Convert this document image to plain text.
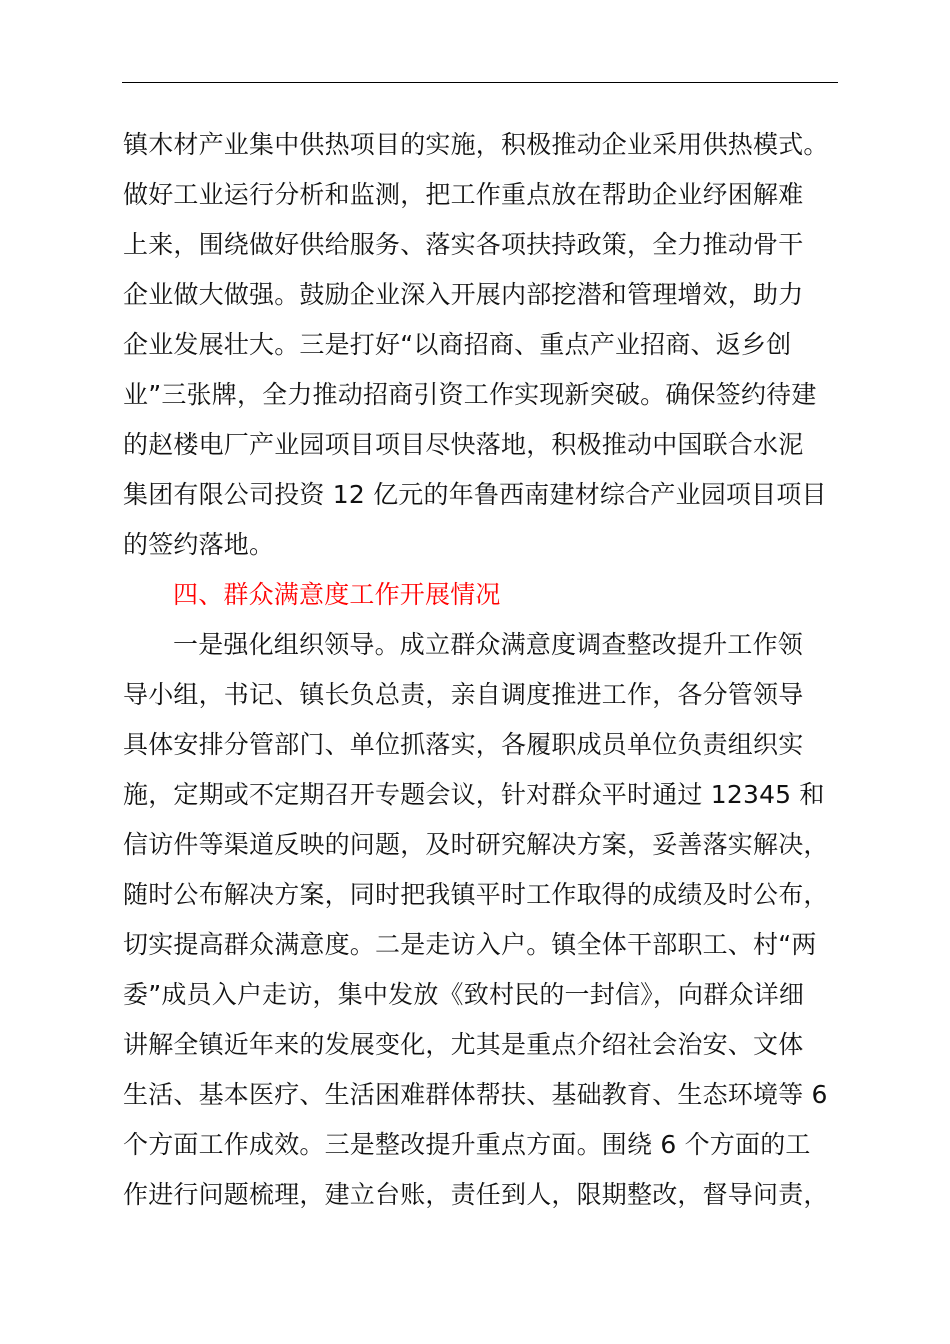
镇木材产业集中供热项目的实施，积极推动企业采用供热模式。
做好工业运行分析和监测，把工作重点放在帮助企业纾困解难
上来，围绕做好供给服务、落实各项扶持政策，全力推动骨干
企业做大做强。鼓励企业深入开展内部挖潜和管理增效，助力
企业发展壮大。三是打好“以商招商、重点产业招商、返乡创
业”三张牌，全力推动招商引资工作实现新突破。确保签约待建
的赵楼电厂产业园项目项目尽快落地，积极推动中国联合水泥
集团有限公司投资 12 亿元的年鲁西南建材综合产业园项目项目
的签约落地。
四、群众满意度工作开展情况
一是强化组织领导。成立群众满意度调查整改提升工作领
导小组，书记、镇长负总责，亲自调度推进工作，各分管领导
具体安排分管部门、单位抓落实，各履职成员单位负责组织实
施，定期或不定期召开专题会议，针对群众平时通过 12345 和
信访件等渠道反映的问题，及时研究解决方案，妥善落实解决，
随时公布解决方案，同时把我镇平时工作取得的成绩及时公布，
切实提高群众满意度。二是走访入户。镇全体干部职工、村“两
委”成员入户走访，集中发放《致村民的一封信》，向群众详细
讲解全镇近年来的发展变化，尤其是重点介绍社会治安、文体
生活、基本医疗、生活困难群体帮扶、基础教育、生态环境等 6
个方面工作成效。三是整改提升重点方面。围绕 6 个方面的工
作进行问题梳理，建立台账，责任到人，限期整改，督导问责，
